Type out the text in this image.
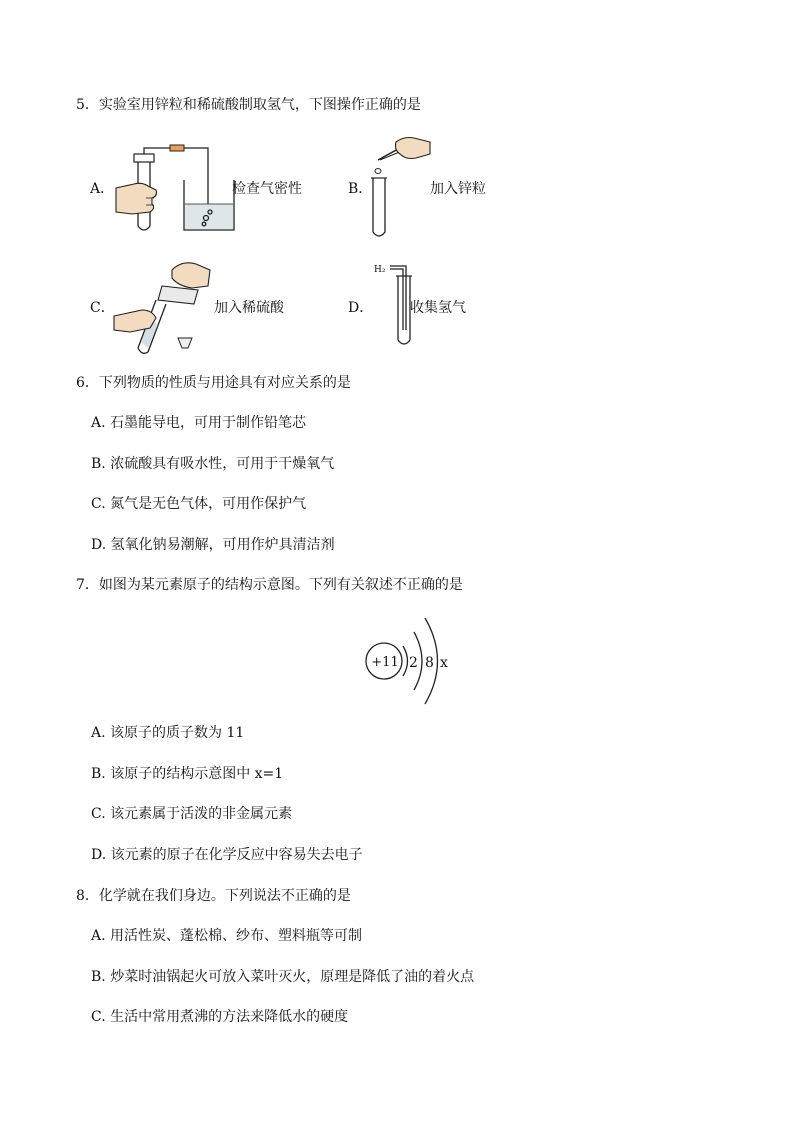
5．实验室用锌粒和稀硫酸制取氢气，下图操作正确的是
A．	检查气密性	B．	加入锌粒
C．	加入稀硫酸	D．
H₂
收集氢气
6．下列物质的性质与用途具有对应关系的是
A. 石墨能导电，可用于制作铅笔芯
B. 浓硫酸具有吸水性，可用于干燥氧气
C. 氮气是无色气体，可用作保护气
D. 氢氧化钠易潮解，可用作炉具清洁剂
7．如图为某元素原子的结构示意图。下列有关叙述不正确的是
+11 2 8 x
A. 该原子的质子数为 11
B. 该原子的结构示意图中 x=1
C. 该元素属于活泼的非金属元素
D. 该元素的原子在化学反应中容易失去电子
8．化学就在我们身边。下列说法不正确的是
A. 用活性炭、蓬松棉、纱布、塑料瓶等可制
B. 炒菜时油锅起火可放入菜叶灭火，原理是降低了油的着火点
C. 生活中常用煮沸的方法来降低水的硬度
